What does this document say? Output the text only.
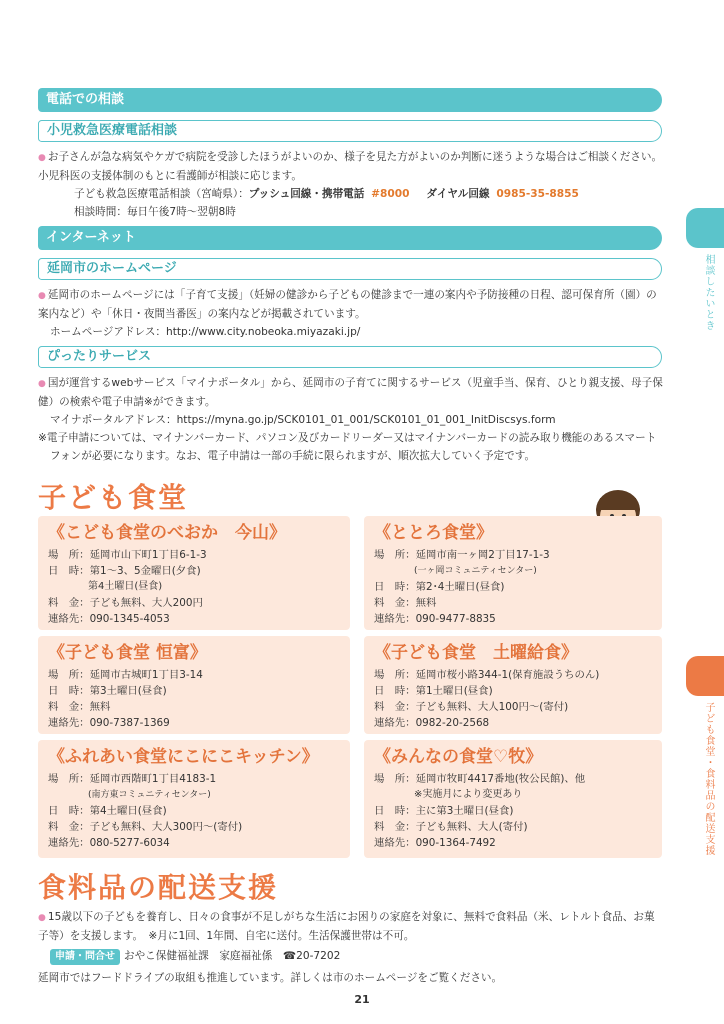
相談したいとき
子ども食堂・食料品の配送支援
電話での相談
小児救急医療電話相談
● お子さんが急な病気やケガで病院を受診したほうがよいのか、様子を見た方がよいのか判断に迷うような場合はご相談ください。小児科医の支援体制のもとに看護師が相談に応じます。
子ども救急医療電話相談（宮崎県）：プッシュ回線・携帯電話 #8000 ダイヤル回線 0985-35-8855
相談時間：毎日午後7時～翌朝8時
インターネット
延岡市のホームページ
● 延岡市のホームページには「子育て支援」（妊婦の健診から子どもの健診まで一連の案内や予防接種の日程、認可保育所（園）の案内など）や「休日・夜間当番医」の案内などが掲載されています。
ホームページアドレス：http://www.city.nobeoka.miyazaki.jp/
ぴったりサービス
● 国が運営するwebサービス「マイナポータル」から、延岡市の子育てに関するサービス（児童手当、保育、ひとり親支援、母子保健）の検索や電子申請※ができます。
マイナポータルアドレス：https://myna.go.jp/SCK0101_01_001/SCK0101_01_001_InitDiscsys.form
※電子申請については、マイナンバーカード、パソコン及びカードリーダー又はマイナンバーカードの読み取り機能のあるスマートフォンが必要になります。なお、電子申請は一部の手続に限られますが、順次拡大していく予定です。
子ども食堂
《こども食堂のべおか　今山》
場　所：延岡市山下町1丁目6-1-3
日　時：第1～3、5金曜日(夕食)
第4土曜日(昼食)
料　金：子ども無料、大人200円
連絡先：090-1345-4053
《ととろ食堂》
場　所：延岡市南一ヶ岡2丁目17-1-3
(一ヶ岡コミュニティセンター)
日　時：第2･4土曜日(昼食)
料　金：無料
連絡先：090-9477-8835
《子ども食堂 恒富》
場　所：延岡市古城町1丁目3-14
日　時：第3土曜日(昼食)
料　金：無料
連絡先：090-7387-1369
《子ども食堂　土曜給食》
場　所：延岡市桜小路344-1(保育施設うちのん)
日　時：第1土曜日(昼食)
料　金：子ども無料、大人100円～(寄付)
連絡先：0982-20-2568
《ふれあい食堂にこにこキッチン》
場　所：延岡市西階町1丁目4183-1
(南方東コミュニティセンター)
日　時：第4土曜日(昼食)
料　金：子ども無料、大人300円～(寄付)
連絡先：080-5277-6034
《みんなの食堂♡牧》
場　所：延岡市牧町4417番地(牧公民館)、他
※実施月により変更あり
日　時：主に第3土曜日(昼食)
料　金：子ども無料、大人(寄付)
連絡先：090-1364-7492
食料品の配送支援
● 15歳以下の子どもを養育し、日々の食事が不足しがちな生活にお困りの家庭を対象に、無料で食料品（米、レトルト食品、お菓子等）を支援します。　※月に1回、1年間、自宅に送付。生活保護世帯は不可。
申請・問合せ おやこ保健福祉課　家庭福祉係　☎20-7202
延岡市ではフードドライブの取組も推進しています。詳しくは市のホームページをご覧ください。
21
